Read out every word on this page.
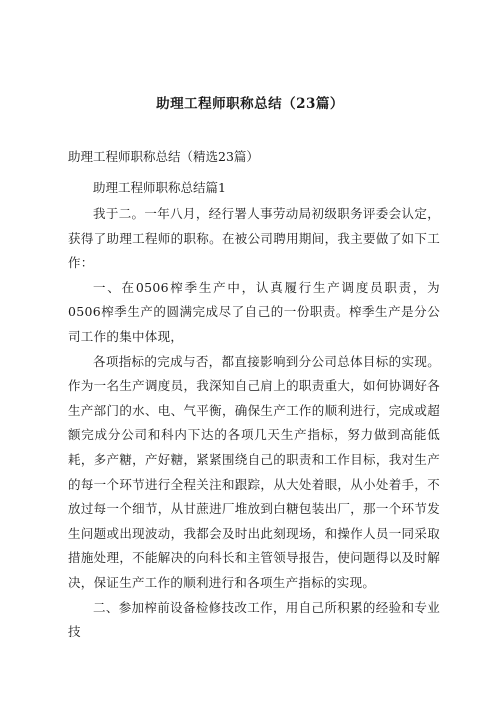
助理工程师职称总结（23篇）
助理工程师职称总结（精选23篇）
助理工程师职称总结篇1

我于二。一年八月，经行署人事劳动局初级职务评委会认定，获得了助理工程师的职称。在被公司聘用期间，我主要做了如下工作：

一、在0506榨季生产中，认真履行生产调度员职责，为0506榨季生产的圆满完成尽了自己的一份职责。榨季生产是分公司工作的集中体现，

各项指标的完成与否，都直接影响到分公司总体目标的实现。作为一名生产调度员，我深知自己肩上的职责重大，如何协调好各生产部门的水、电、气平衡，确保生产工作的顺利进行，完成或超额完成分公司和科内下达的各项几天生产指标，努力做到高能低耗，多产糖，产好糖，紧紧围绕自己的职责和工作目标，我对生产的每一个环节进行全程关注和跟踪，从大处着眼，从小处着手，不放过每一个细节，从甘蔗进厂堆放到白糖包装出厂，那一个环节发生问题或出现波动，我都会及时出此刻现场，和操作人员一同采取措施处理，不能解决的向科长和主管领导报告，使问题得以及时解决，保证生产工作的顺利进行和各项生产指标的实现。

二、参加榨前设备检修技改工作，用自己所积累的经验和专业技
